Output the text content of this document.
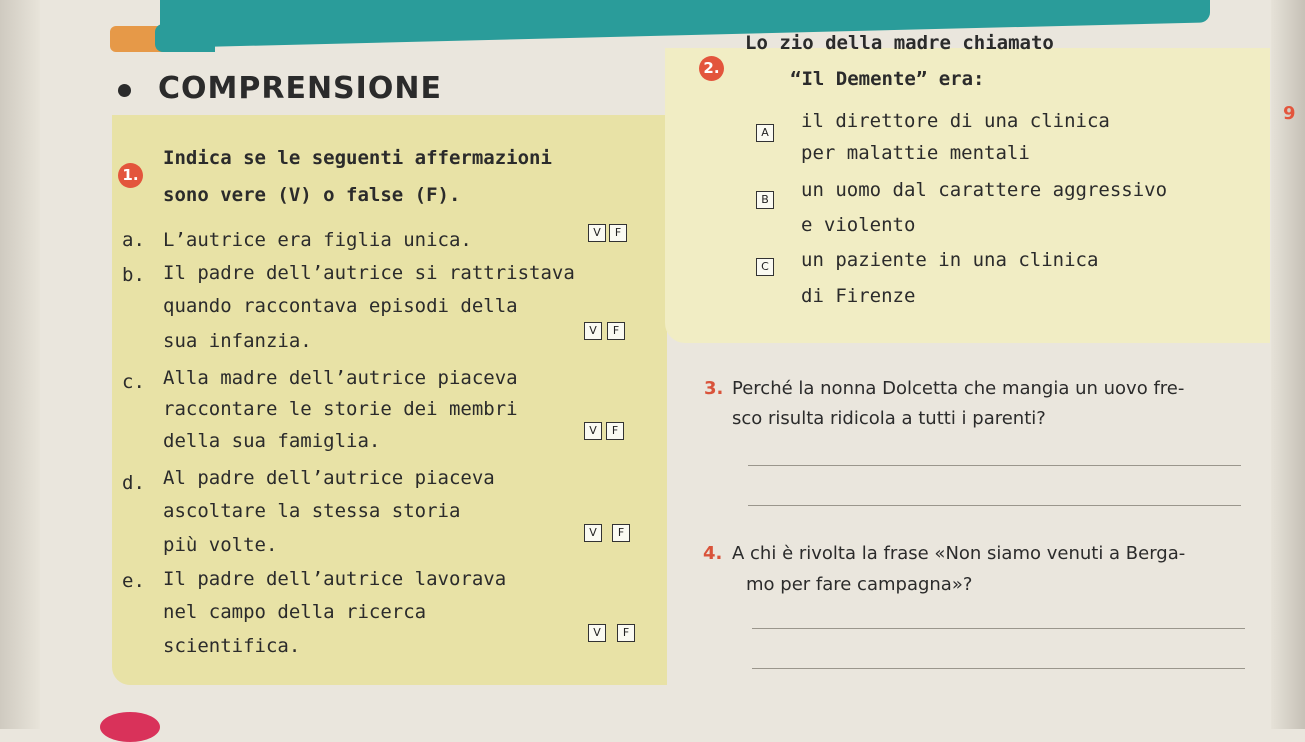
9
COMPRENSIONE
1.
Indica se le seguenti affermazioni
sono vere (V) o false (F).
a. L’autrice era figlia unica.	V	F
b. Il padre dell’autrice si rattristava
quando raccontava episodi della
sua infanzia.	V	F
c. Alla madre dell’autrice piaceva
raccontare le storie dei membri
della sua famiglia.	V	F
d. Al padre dell’autrice piaceva
ascoltare la stessa storia
più volte.
V	F
e. Il padre dell’autrice lavorava
nel campo della ricerca
scientifica.
V	F
2.
Lo zio della madre chiamato
“Il Demente” era:
A
il direttore di una clinica
per malattie mentali
B un uomo dal carattere aggressivo
e violento
C un paziente in una clinica
di Firenze
3. Perché la nonna Dolcetta che mangia un uovo fre-
sco risulta ridicola a tutti i parenti?
4. A chi è rivolta la frase «Non siamo venuti a Berga-
mo per fare campagna»?
